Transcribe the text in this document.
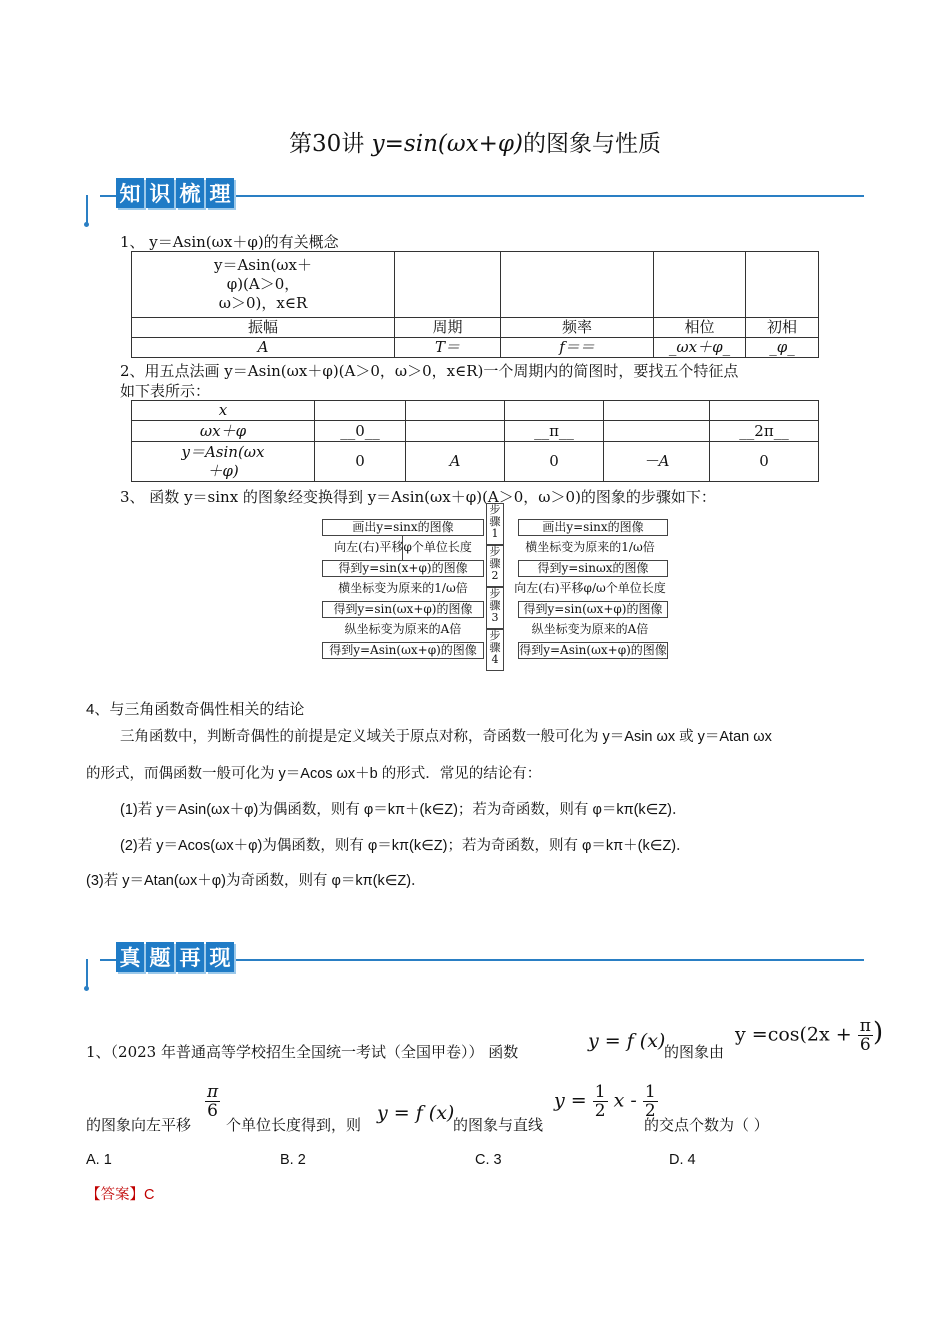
第30讲 y=sin(ωx+φ)的图象与性质
知 识 梳 理
1、 y＝Asin(ωx＋φ)的有关概念
y＝Asin(ωx＋
φ)(A＞0，
ω＞0)，x∈R				

振幅	周期	频率	相位	初相
A	T＝	f＝＝	_ωx＋φ_	_φ_
2、用五点法画 y＝Asin(ωx＋φ)(A＞0，ω＞0，x∈R)一个周期内的简图时，要找五个特征点
如下表所示：
x					
ωx＋φ	__0__		__π__		__2π__

y＝Asin(ωx
＋φ)	0	A	0	－A	0
3、 函数 y＝sinx 的图象经变换得到 y＝Asin(ωx＋φ)(A＞0，ω＞0)的图象的步骤如下：
画出y=sinx的图像
向左(右)平移φ个单位长度
得到y=sin(x+φ)的图像
横坐标变为原来的1/ω倍
得到y=sin(ωx+φ)的图像
纵坐标变为原来的A倍
得到y=Asin(ωx+φ)的图像
步骤1
步骤2
步骤3
步骤4
画出y=sinx的图像
横坐标变为原来的1/ω倍
得到y=sinωx的图像
向左(右)平移φ/ω个单位长度
得到y=sin(ωx+φ)的图像
纵坐标变为原来的A倍
得到y=Asin(ωx+φ)的图像
4、与三角函数奇偶性相关的结论
三角函数中，判断奇偶性的前提是定义域关于原点对称，奇函数一般可化为 y＝Asin ωx 或 y＝Atan ωx
的形式，而偶函数一般可化为 y＝Acos ωx＋b 的形式．常见的结论有：
(1)若 y＝Asin(ωx＋φ)为偶函数，则有 φ＝kπ＋(k∈Z)；若为奇函数，则有 φ＝kπ(k∈Z)．
(2)若 y＝Acos(ωx＋φ)为偶函数，则有 φ＝kπ(k∈Z)；若为奇函数，则有 φ＝kπ＋(k∈Z)．
(3)若 y＝Atan(ωx＋φ)为奇函数，则有 φ＝kπ(k∈Z)．
真 题 再 现
1、（2023 年普通高等学校招生全国统一考试（全国甲卷）） 函数	y = f (x)
的图象由
$y =\cos(2x + \frac{\pi}{6}$ )
的图象向左平移
$\frac{\pi}{6}$
个单位长度得到，则
y = f (x)
的图象与直线
$y = \frac{1}{2}$ x - $\frac{1}{2}$
的交点个数为（ ）
A. 1	B. 2	C. 3	D. 4
【答案】C
